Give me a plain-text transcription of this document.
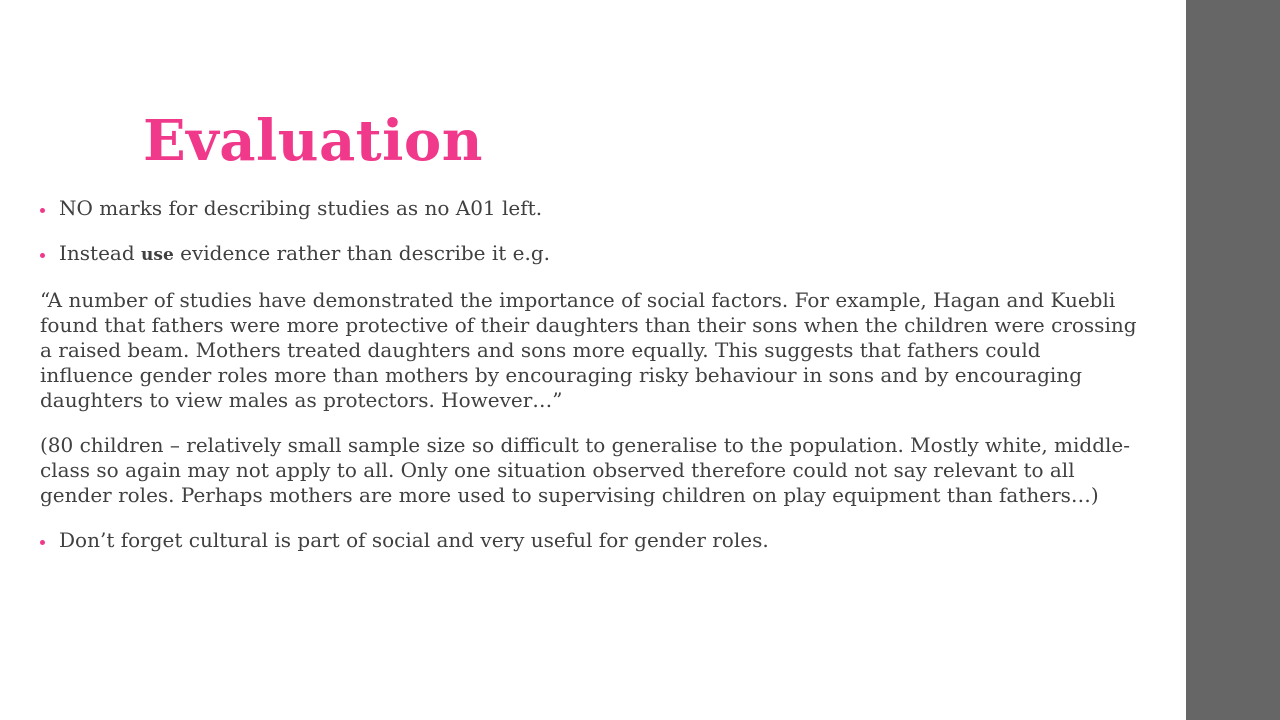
Evaluation
NO marks for describing studies as no A01 left.
Instead use evidence rather than describe it e.g.

“A number of studies have demonstrated the importance of social factors. For example, Hagan and Kuebli found that fathers were more protective of their daughters than their sons when the children were crossing a raised beam. Mothers treated daughters and sons more equally. This suggests that fathers could influence gender roles more than mothers by encouraging risky behaviour in sons and by encouraging daughters to view males as protectors. However…”

(80 children – relatively small sample size so difficult to generalise to the population. Mostly white, middle-class so again may not apply to all. Only one situation observed therefore could not say relevant to all gender roles. Perhaps mothers are more used to supervising children on play equipment than fathers…)

Don’t forget cultural is part of social and very useful for gender roles.
